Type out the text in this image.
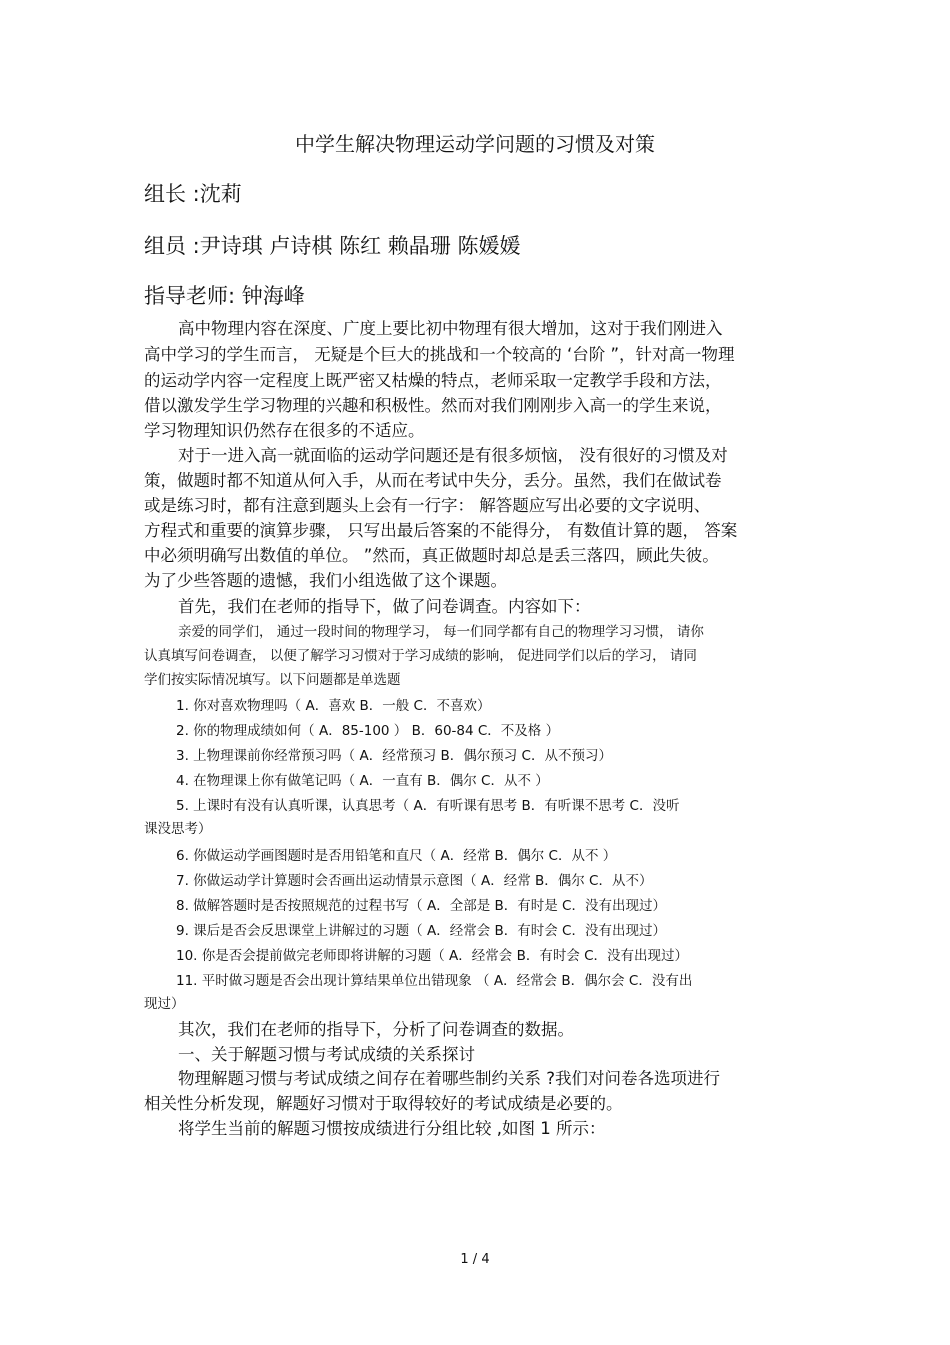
中学生解决物理运动学问题的习惯及对策
组长 :沈莉
组员 :尹诗琪 卢诗棋 陈红 赖晶珊 陈媛媛
指导老师: 钟海峰
高中物理内容在深度、广度上要比初中物理有很大增加，这对于我们刚进入
高中学习的学生而言， 无疑是个巨大的挑战和一个较高的 ‘台阶 ”，针对高一物理
的运动学内容一定程度上既严密又枯燥的特点，老师采取一定教学手段和方法，
借以激发学生学习物理的兴趣和积极性。然而对我们刚刚步入高一的学生来说，
学习物理知识仍然存在很多的不适应。
对于一进入高一就面临的运动学问题还是有很多烦恼， 没有很好的习惯及对
策，做题时都不知道从何入手，从而在考试中失分，丢分。虽然，我们在做试卷
或是练习时，都有注意到题头上会有一行字： 解答题应写出必要的文字说明、
方程式和重要的演算步骤， 只写出最后答案的不能得分， 有数值计算的题， 答案
中必须明确写出数值的单位。 ”然而，真正做题时却总是丢三落四，顾此失彼。
为了少些答题的遗憾，我们小组选做了这个课题。
首先，我们在老师的指导下，做了问卷调查。内容如下：
亲爱的同学们， 通过一段时间的物理学习， 每一们同学都有自己的物理学习习惯， 请你
认真填写问卷调查， 以便了解学习习惯对于学习成绩的影响， 促进同学们以后的学习， 请同
学们按实际情况填写。以下问题都是单选题
1. 你对喜欢物理吗（ A．喜欢 B．一般 C．不喜欢）
2. 你的物理成绩如何（ A．85-100 ） B．60-84 C．不及格 ）
3. 上物理课前你经常预习吗（ A．经常预习 B．偶尔预习 C．从不预习）
4. 在物理课上你有做笔记吗（ A．一直有 B．偶尔 C．从不 ）
5. 上课时有没有认真听课，认真思考（ A．有听课有思考 B．有听课不思考 C．没听
课没思考）
6. 你做运动学画图题时是否用铅笔和直尺（ A．经常 B．偶尔 C．从不 ）
7. 你做运动学计算题时会否画出运动情景示意图（ A．经常 B．偶尔 C．从不）
8. 做解答题时是否按照规范的过程书写（ A．全部是 B．有时是 C．没有出现过）
9. 课后是否会反思课堂上讲解过的习题（ A．经常会 B．有时会 C．没有出现过）
10. 你是否会提前做完老师即将讲解的习题（ A．经常会 B．有时会 C．没有出现过）
11. 平时做习题是否会出现计算结果单位出错现象 （ A．经常会 B．偶尔会 C．没有出
现过）
其次，我们在老师的指导下，分析了问卷调查的数据。
一、关于解题习惯与考试成绩的关系探讨
物理解题习惯与考试成绩之间存在着哪些制约关系 ?我们对问卷各选项进行
相关性分析发现，解题好习惯对于取得较好的考试成绩是必要的。
将学生当前的解题习惯按成绩进行分组比较 ,如图 1 所示：
1 / 4
